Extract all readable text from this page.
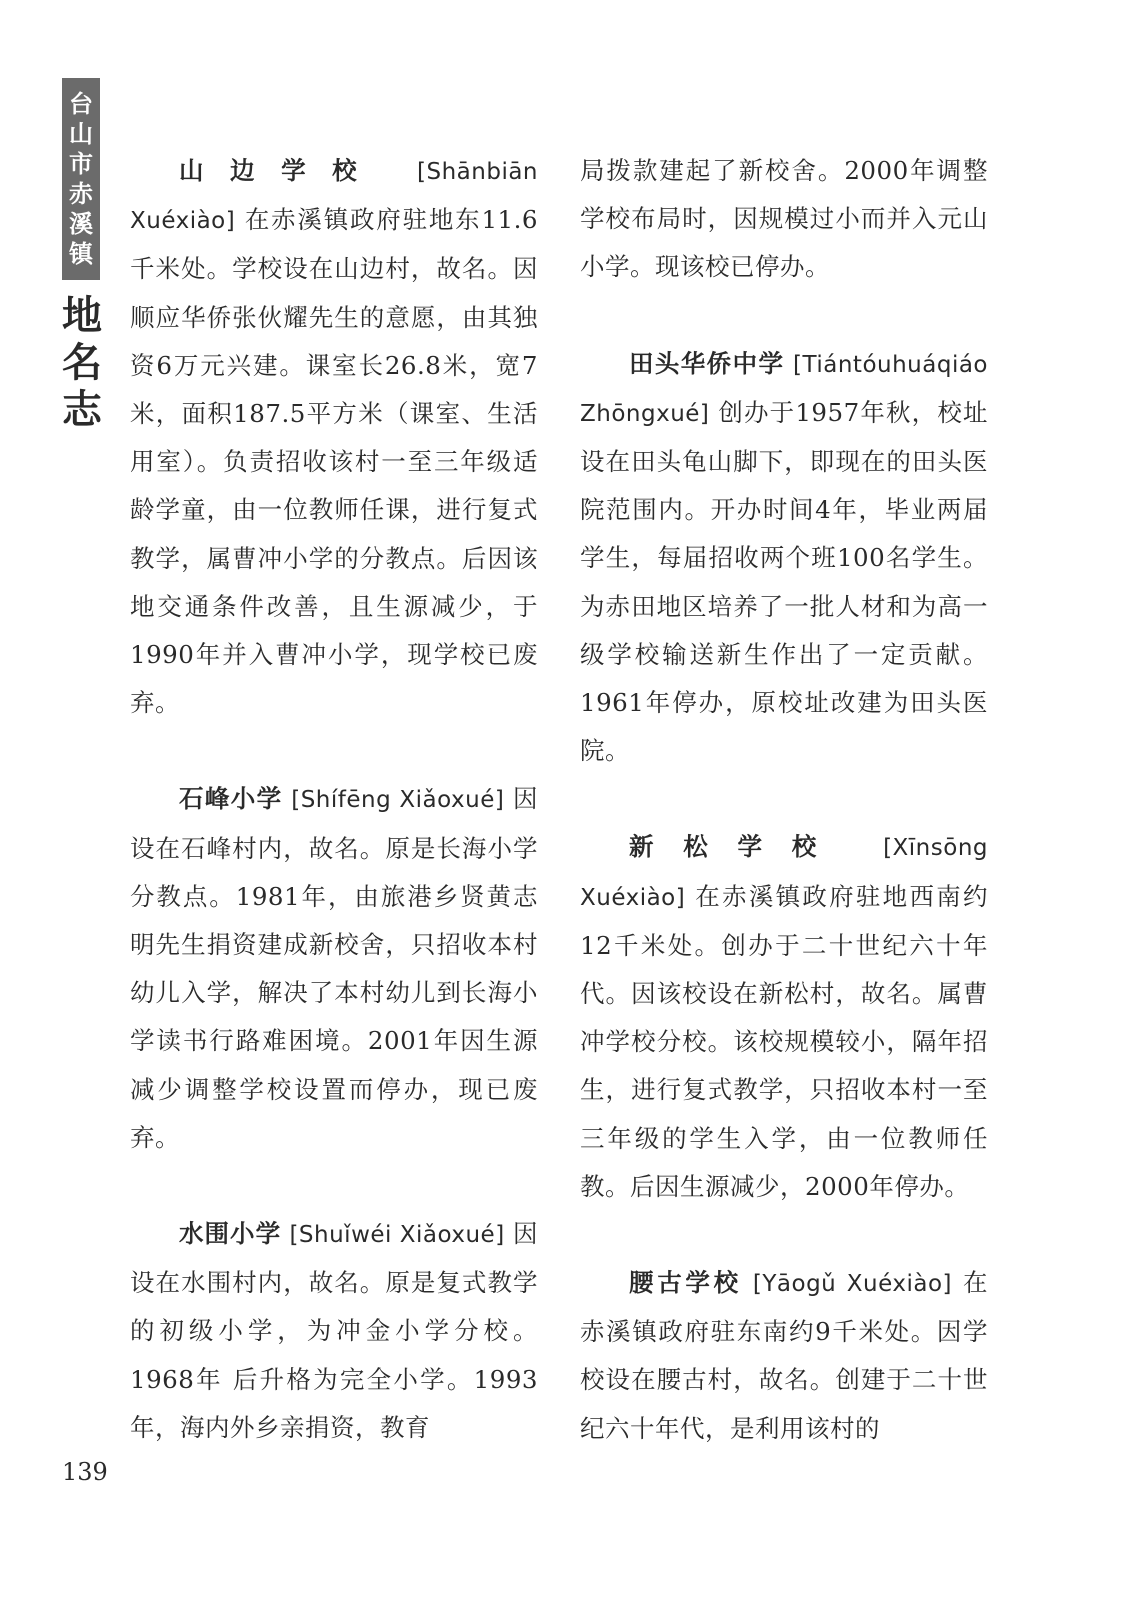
台
山
市
赤
溪
镇
地
名
志

山边学校 [Shānbiān Xuéxiào] 在赤溪镇政府驻地东11.6千米处。学校设在山边村，故名。因顺应华侨张伙耀先生的意愿，由其独资6万元兴建。课室长26.8米，宽7米，面积187.5平方米（课室、生活用室）。负责招收该村一至三年级适龄学童，由一位教师任课，进行复式教学，属曹冲小学的分教点。后因该地交通条件改善，且生源减少，于1990年并入曹冲小学，现学校已废弃。

石峰小学 [Shífēng Xiǎoxué] 因设在石峰村内，故名。原是长海小学分教点。1981年，由旅港乡贤黄志明先生捐资建成新校舍，只招收本村幼儿入学，解决了本村幼儿到长海小学读书行路难困境。2001年因生源减少调整学校设置而停办，现已废弃。

水围小学 [Shuǐwéi Xiǎoxué] 因设在水围村内，故名。原是复式教学的初级小学，为冲金小学分校。1968年 后升格为完全小学。1993年，海内外乡亲捐资，教育

局拨款建起了新校舍。2000年调整学校布局时，因规模过小而并入元山小学。现该校已停办。

田头华侨中学 [Tiántóuhuáqiáo Zhōngxué] 创办于1957年秋，校址设在田头龟山脚下，即现在的田头医院范围内。开办时间4年，毕业两届学生，每届招收两个班100名学生。为赤田地区培养了一批人材和为高一级学校输送新生作出了一定贡献。1961年停办，原校址改建为田头医院。

新松学校 [Xīnsōng Xuéxiào] 在赤溪镇政府驻地西南约12千米处。创办于二十世纪六十年代。因该校设在新松村，故名。属曹冲学校分校。该校规模较小，隔年招生，进行复式教学，只招收本村一至三年级的学生入学，由一位教师任教。后因生源减少，2000年停办。

腰古学校 [Yāogǔ Xuéxiào] 在赤溪镇政府驻东南约9千米处。因学校设在腰古村，故名。创建于二十世纪六十年代，是利用该村的

139
